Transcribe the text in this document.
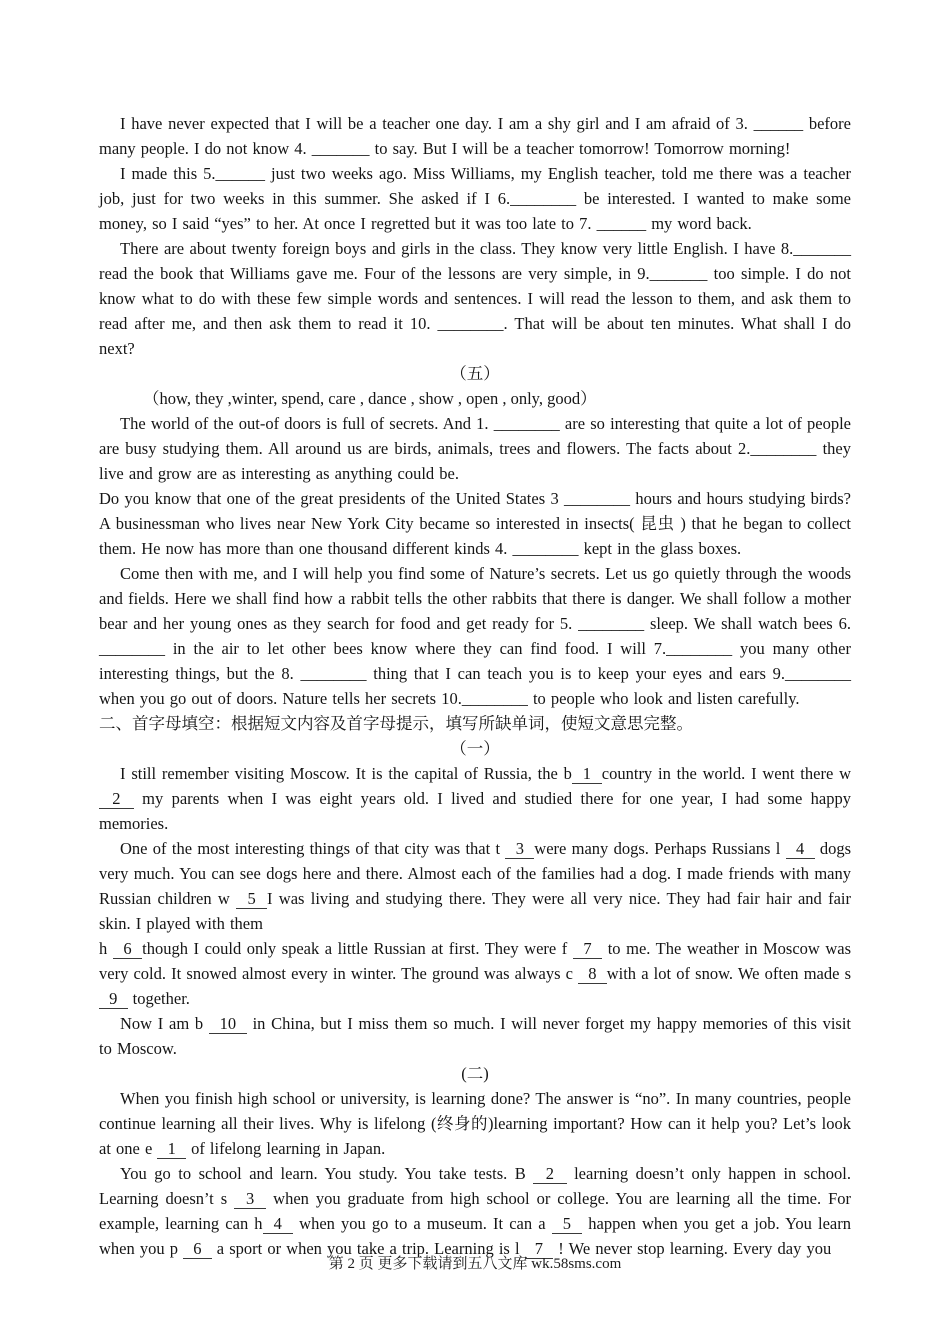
I have never expected that I will be a teacher one day. I am a shy girl and I am afraid of 3. ______ before many people. I do not know 4. _______ to say. But I will be a teacher tomorrow! Tomorrow morning!

I made this 5.______ just two weeks ago. Miss Williams, my English teacher, told me there was a teacher job, just for two weeks in this summer. She asked if I 6.________ be interested. I wanted to make some money, so I said “yes” to her. At once I regretted but it was too late to 7. ______ my word back.

There are about twenty foreign boys and girls in the class. They know very little English. I have 8._______ read the book that Williams gave me. Four of the lessons are very simple, in 9._______ too simple. I do not know what to do with these few simple words and sentences. I will read the lesson to them, and ask them to read after me, and then ask them to read it 10. ________. That will be about ten minutes. What shall I do next?

（五）

（how, they ,winter, spend, care , dance , show , open , only, good）

The world of the out-of doors is full of secrets. And 1. ________ are so interesting that quite a lot of people are busy studying them. All around us are birds, animals, trees and flowers. The facts about 2.________ they live and grow are as interesting as anything could be.

Do you know that one of the great presidents of the United States 3 ________ hours and hours studying birds? A businessman who lives near New York City became so interested in insects( 昆虫 ) that he began to collect them. He now has more than one thousand different kinds 4. ________ kept in the glass boxes.

Come then with me, and I will help you find some of Nature’s secrets. Let us go quietly through the woods and fields. Here we shall find how a rabbit tells the other rabbits that there is danger. We shall follow a mother bear and her young ones as they search for food and get ready for 5. ________ sleep. We shall watch bees 6. ________ in the air to let other bees know where they can find food. I will 7.________ you many other interesting things, but the 8. ________ thing that I can teach you is to keep your eyes and ears 9.________ when you go out of doors. Nature tells her secrets 10.________ to people who look and listen carefully.

二、首字母填空：根据短文内容及首字母提示，填写所缺单词，使短文意思完整。

（一）

I still remember visiting Moscow. It is the capital of Russia, the b 1 country in the world. I went there w  2  my parents when I was eight years old. I lived and studied there for one year, I had some happy memories.

One of the most interesting things of that city was that t  3 were many dogs. Perhaps Russians l  4  dogs very much. You can see dogs here and there. Almost each of the families had a dog. I made friends with many Russian children w  5 I was living and studying there. They were all very nice. They had fair hair and fair skin. I played with them

h  6 though I could only speak a little Russian at first. They were f  7  to me. The weather in Moscow was very cold. It snowed almost every in winter. The ground was always c  8 with a lot of snow. We often made s  9  together.

Now I am b  10  in China, but I miss them so much. I will never forget my happy memories of this visit to Moscow.

(二)

When you finish high school or university, is learning done? The answer is “no”. In many countries, people continue learning all their lives. Why is lifelong (终身的)learning important? How can it help you? Let’s look at one e  1  of lifelong learning in Japan.

You go to school and learn. You study. You take tests. B  2  learning doesn’t only happen in school. Learning doesn’t s  3  when you graduate from high school or college. You are learning all the time. For example, learning can h 4  when you go to a museum. It can a  5  happen when you get a job. You learn when you p  6  a sport or when you take a trip. Learning is l  7  ! We never stop learning. Every day you

第 2 页 更多下载请到五八文库 wk.58sms.com
